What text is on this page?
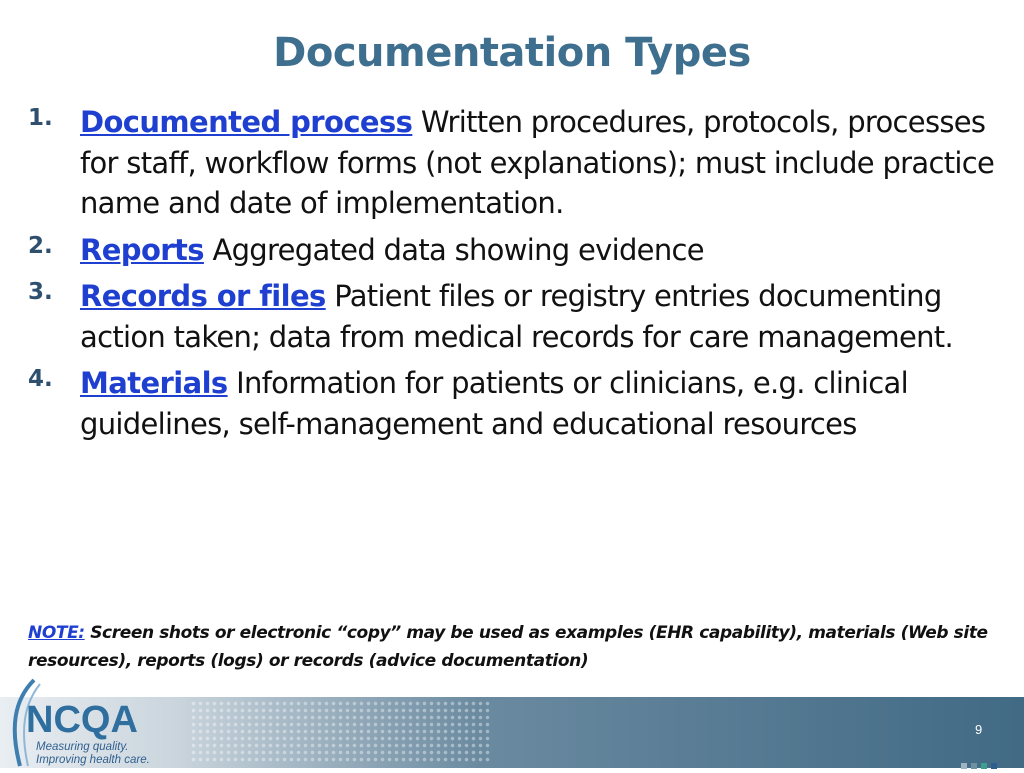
Documentation Types
1. Documented process Written procedures, protocols, processes for staff, workflow forms (not explanations); must include practice name and date of implementation.
2. Reports Aggregated data showing evidence
3. Records or files Patient files or registry entries documenting action taken; data from medical records for care management.
4. Materials Information for patients or clinicians, e.g. clinical guidelines, self-management and educational resources
NOTE: Screen shots or electronic “copy” may be used as examples (EHR capability), materials (Web site resources), reports (logs) or records (advice documentation)
NCQA
Measuring quality.
Improving health care.
9
